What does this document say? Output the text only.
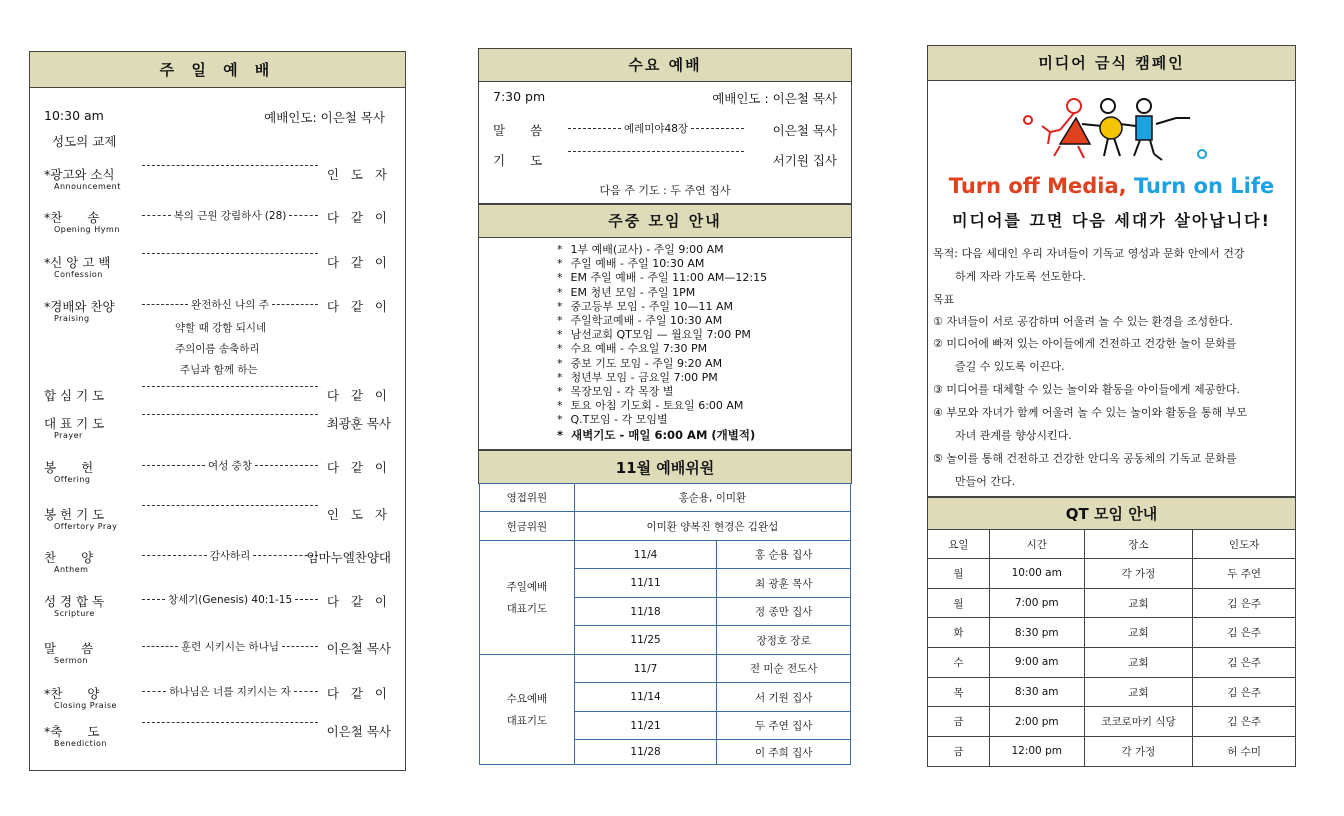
주 일 예 배
10:30 am	예배인도: 이은철 목사
성도의 교제
*광고와 소식	인 도 자
Announcement
*찬　　송	복의 근원 강림하사 (28)	다 같 이
Opening Hymn
*신 앙 고 백	다 같 이
Confession
*경배와 찬양	완전하신 나의 주	다 같 이
Praising
합 심 기 도	다 같 이
대 표 기 도	최광훈 목사
Prayer
봉　　헌	여성 중창	다 같 이
Offering
봉 헌 기 도	인 도 자
Offertory Pray
찬　　양	감사하리	임마누엘찬양대
Anthem
성 경 합 독	창세기(Genesis) 40:1-15	다 같 이
Scripture
말　　씀	훈련 시키시는 하나님	이은철 목사
Sermon
*찬　　양	하나님은 너를 지키시는 자	다 같 이
Closing Praise
*축　　도	이은철 목사
Benediction
약할 때 강함 되시네
주의이름 송축하리
주님과 함께 하는
수요 예배
7:30 pm	예배인도 : 이은철 목사
말　　씀	예레미야48장	이은철 목사
기　　도	서기원 집사
다음 주 기도 : 두 주연 집사
주중 모임 안내
* 1부 예배(교사) - 주일 9:00 AM
* 주일 예배 - 주일 10:30 AM
* EM 주일 예배 - 주일 11:00 AM—12:15
* EM 청년 모임 - 주일 1PM
* 중고등부 모임 - 주일 10—11 AM
* 주일학교예배 - 주일 10:30 AM
* 남선교회 QT모임 — 월요일 7:00 PM
* 수요 예배 - 수요일 7:30 PM
* 중보 기도 모임 - 주일 9:20 AM
* 청년부 모임 - 금요일 7:00 PM
* 목장모임 - 각 목장 별
* 토요 아침 기도회 - 토요일 6:00 AM
* Q.T모임 - 각 모임별
* 새벽기도 - 매일 6:00 AM (개별적)
11월 예배위원
영접위원	홍순용, 이미환	
헌금위원	이미환 양복진 현경은 김완섭	
주일예배
대표기도	11/4	홍 순용 집사
	11/11	최 광훈 목사
	11/18	정 종만 집사
	11/25	장정호 장로
수요예배
대표기도	11/7	전 미순 전도사
	11/14	서 기원 집사
	11/21	두 주연 집사
	11/28	이 주희 집사
미디어 금식 캠페인
Turn off Media, Turn on Life
미디어를 끄면 다음 세대가 살아납니다!
목적: 다음 세대인 우리 자녀들이 기독교 영성과 문화 안에서 건강
하게 자라 가도록 선도한다.
목표
① 자녀들이 서로 공감하며 어울려 놀 수 있는 환경을 조성한다.
② 미디어에 빠져 있는 아이들에게 건전하고 건강한 놀이 문화를
즐길 수 있도록 이끈다.
③ 미디어를 대체할 수 있는 놀이와 활동을 아이들에게 제공한다.
④ 부모와 자녀가 함께 어울려 놀 수 있는 놀이와 활동을 통해 부모
자녀 관계를 향상시킨다.
⑤ 놀이를 통해 건전하고 건강한 안디옥 공동체의 기독교 문화를
만들어 간다.
QT 모임 안내
요일	시간	장소	인도자
월	10:00 am	각 가정	두 주연
월	7:00 pm	교회	김 은주
화	8:30 pm	교회	김 은주
수	9:00 am	교회	김 은주
목	8:30 am	교회	김 은주
금	2:00 pm	코코로마키 식당	김 은주
금	12:00 pm	각 가정	허 수미
